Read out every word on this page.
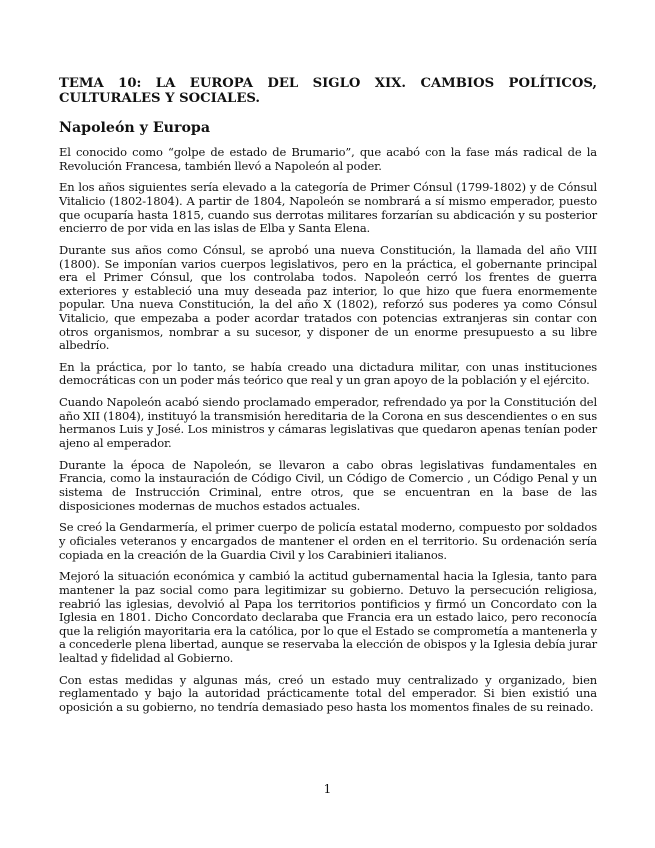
TEMA 10: LA EUROPA DEL SIGLO XIX. CAMBIOS POLÍTICOS, CULTURALES Y SOCIALES.
Napoleón y Europa

El conocido como “golpe de estado de Brumario”, que acabó con la fase más radical de la Revolución Francesa, también llevó a Napoleón al poder.

En los años siguientes sería elevado a la categoría de Primer Cónsul (1799-1802) y de Cónsul Vitalicio (1802-1804). A partir de 1804, Napoleón se nombrará a sí mismo emperador, puesto que ocuparía hasta 1815, cuando sus derrotas militares forzarían su abdicación y su posterior encierro de por vida en las islas de Elba y Santa Elena.

Durante sus años como Cónsul, se aprobó una nueva Constitución, la llamada del año VIII (1800). Se imponían varios cuerpos legislativos, pero en la práctica, el gobernante principal era el Primer Cónsul, que los controlaba todos. Napoleón cerró los frentes de guerra exteriores y estableció una muy deseada paz interior, lo que hizo que fuera enormemente popular. Una nueva Constitución, la del año X (1802), reforzó sus poderes ya como Cónsul Vitalicio, que empezaba a poder acordar tratados con potencias extranjeras sin contar con otros organismos, nombrar a su sucesor, y disponer de un enorme presupuesto a su libre albedrío.

En la práctica, por lo tanto, se había creado una dictadura militar, con unas instituciones democráticas con un poder más teórico que real y un gran apoyo de la población y el ejército.

Cuando Napoleón acabó siendo proclamado emperador, refrendado ya por la Constitución del año XII (1804), instituyó la transmisión hereditaria de la Corona en sus descendientes o en sus hermanos Luis y José. Los ministros y cámaras legislativas que quedaron apenas tenían poder ajeno al emperador.

Durante la época de Napoleón, se llevaron a cabo obras legislativas fundamentales en Francia, como la instauración de Código Civil, un Código de Comercio , un Código Penal y un sistema de Instrucción Criminal, entre otros, que se encuentran en la base de las disposiciones modernas de muchos estados actuales.

Se creó la Gendarmería, el primer cuerpo de policía estatal moderno, compuesto por soldados y oficiales veteranos y encargados de mantener el orden en el territorio. Su ordenación sería copiada en la creación de la Guardia Civil y los Carabinieri italianos.

Mejoró la situación económica y cambió la actitud gubernamental hacia la Iglesia, tanto para mantener la paz social como para legitimizar su gobierno. Detuvo la persecución religiosa, reabrió las iglesias, devolvió al Papa los territorios pontificios y firmó un Concordato con la Iglesia en 1801. Dicho Concordato declaraba que Francia era un estado laico, pero reconocía que la religión mayoritaria era la católica, por lo que el Estado se comprometía a mantenerla y a concederle plena libertad, aunque se reservaba la elección de obispos y la Iglesia debía jurar lealtad y fidelidad al Gobierno.

Con estas medidas y algunas más, creó un estado muy centralizado y organizado, bien reglamentado y bajo la autoridad prácticamente total del emperador. Si bien existió una oposición a su gobierno, no tendría demasiado peso hasta los momentos finales de su reinado.

1
